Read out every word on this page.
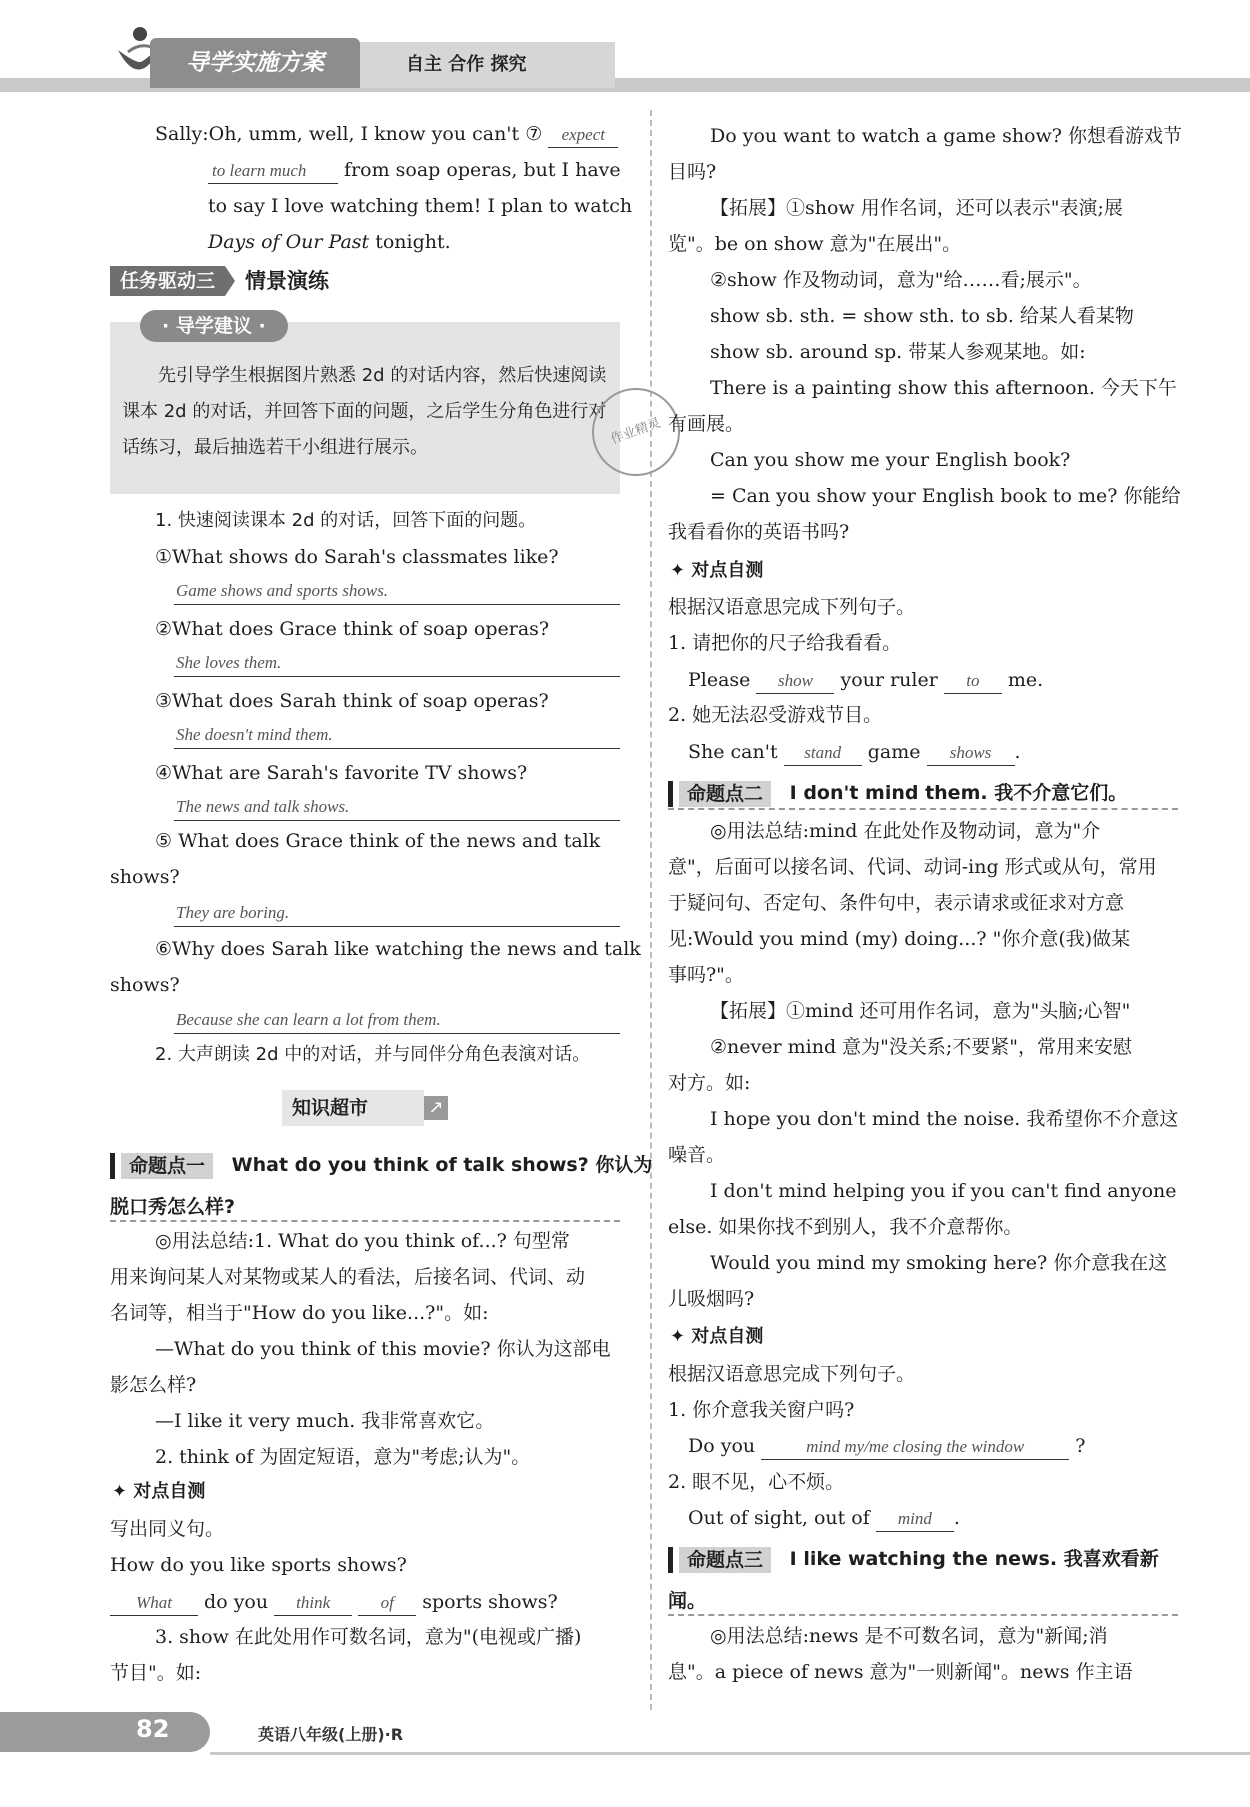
导学实施方案	自主 合作 探究
Sally:Oh, umm, well, I know you can't ⑦ expect
to learn much from soap operas, but I have
to say I love watching them! I plan to watch
Days of Our Past tonight.
任务驱动三 情景演练
· 导学建议 ·
先引导学生根据图片熟悉 2d 的对话内容，然后快速阅读课本 2d 的对话，并回答下面的问题，之后学生分角色进行对话练习，最后抽选若干小组进行展示。
作业精灵
1. 快速阅读课本 2d 的对话，回答下面的问题。
①What shows do Sarah's classmates like?
Game shows and sports shows.
②What does Grace think of soap operas?
She loves them.
③What does Sarah think of soap operas?
She doesn't mind them.
④What are Sarah's favorite TV shows?
The news and talk shows.
⑤ What does Grace think of the news and talk
shows?
They are boring.
⑥Why does Sarah like watching the news and talk
shows?
Because she can learn a lot from them.
2. 大声朗读 2d 中的对话，并与同伴分角色表演对话。
知识超市	↗
命题点一 What do you think of talk shows? 你认为
脱口秀怎么样?
◎用法总结:1. What do you think of...? 句型常
用来询问某人对某物或某人的看法，后接名词、代词、动
名词等，相当于"How do you like...?"。如:
—What do you think of this movie? 你认为这部电
影怎么样?
—I like it very much. 我非常喜欢它。
2. think of 为固定短语，意为"考虑;认为"。
✦ 对点自测
写出同义句。
How do you like sports shows?
What do you think	of sports shows?
3. show 在此处用作可数名词，意为"(电视或广播)
节目"。如:
Do you want to watch a game show? 你想看游戏节
目吗?
【拓展】①show 用作名词，还可以表示"表演;展
览"。be on show 意为"在展出"。
②show 作及物动词，意为"给……看;展示"。
show sb. sth. = show sth. to sb. 给某人看某物
show sb. around sp. 带某人参观某地。如:
There is a painting show this afternoon. 今天下午
有画展。
Can you show me your English book?
= Can you show your English book to me? 你能给
我看看你的英语书吗?
✦ 对点自测
根据汉语意思完成下列句子。
1. 请把你的尺子给我看看。
Please show your ruler to me.
2. 她无法忍受游戏节目。
She can't stand game shows .
命题点二 I don't mind them. 我不介意它们。
◎用法总结:mind 在此处作及物动词，意为"介
意"，后面可以接名词、代词、动词-ing 形式或从句，常用
于疑问句、否定句、条件句中，表示请求或征求对方意
见:Would you mind (my) doing...? "你介意(我)做某
事吗?"。
【拓展】①mind 还可用作名词，意为"头脑;心智"
②never mind 意为"没关系;不要紧"，常用来安慰
对方。如:
I hope you don't mind the noise. 我希望你不介意这
噪音。
I don't mind helping you if you can't find anyone
else. 如果你找不到别人，我不介意帮你。
Would you mind my smoking here? 你介意我在这
儿吸烟吗?
✦ 对点自测
根据汉语意思完成下列句子。
1. 你介意我关窗户吗?
Do you	mind my/me closing the window	?
2. 眼不见，心不烦。
Out of sight, out of mind .
命题点三 I like watching the news. 我喜欢看新
闻。
◎用法总结:news 是不可数名词，意为"新闻;消
息"。a piece of news 意为"一则新闻"。news 作主语
82	英语八年级(上册)·R
